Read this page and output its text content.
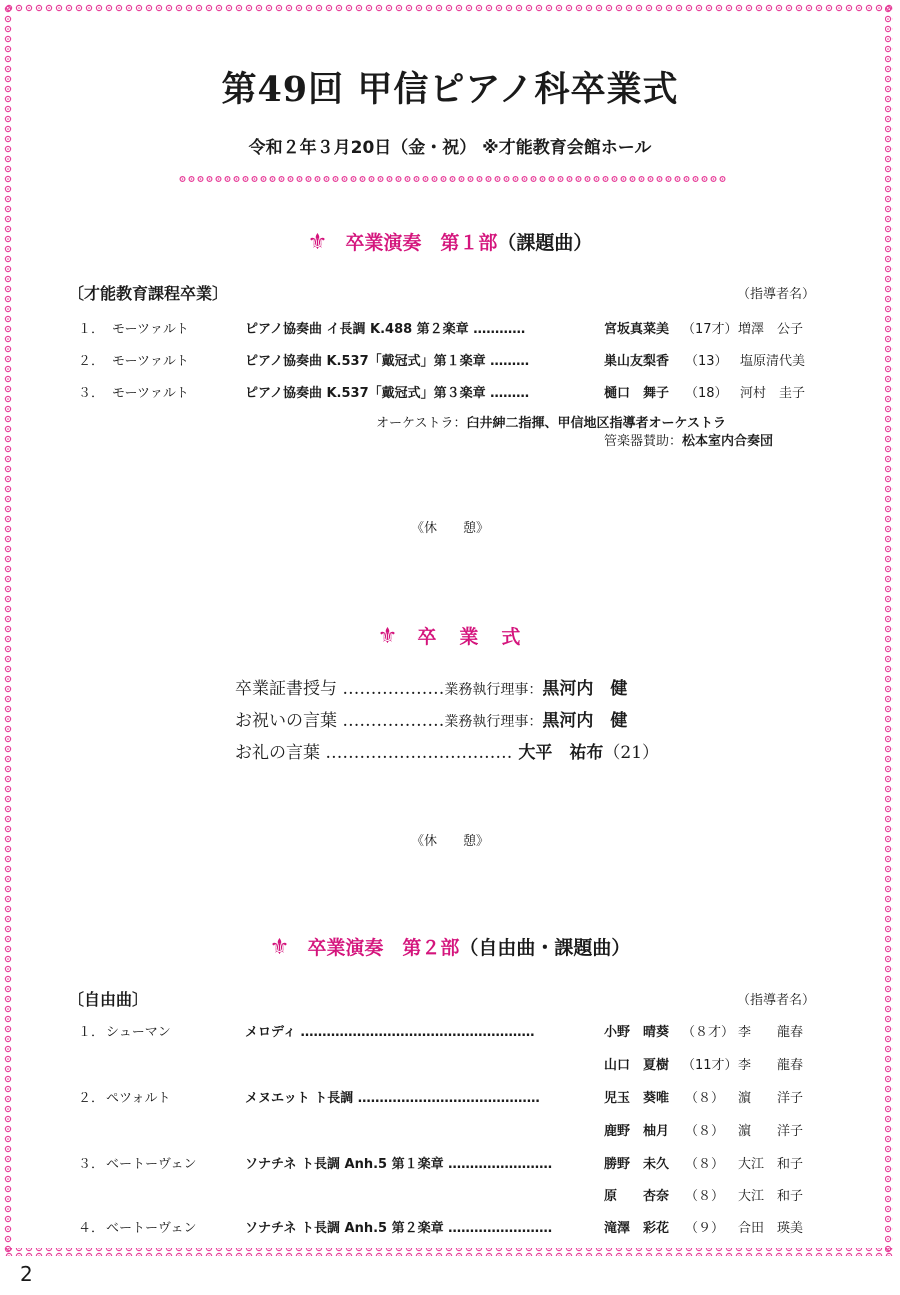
第49回 甲信ピアノ科卒業式
令和２年３月20日（金・祝） ※才能教育会館ホール
⚜ 卒業演奏　第１部（課題曲）
〔才能教育課程卒業〕	（指導者名）
１． モーツァルト	ピアノ協奏曲 イ長調 K.488 第２楽章 …………	宮坂真菜美 （17才） 増澤　公子
２． モーツァルト	ピアノ協奏曲 K.537「戴冠式」第１楽章 ………	巣山友梨香 （13） 塩原清代美
３． モーツァルト	ピアノ協奏曲 K.537「戴冠式」第３楽章 ………	樋口　舞子 （18） 河村　圭子
オーケストラ：臼井紳二指揮、甲信地区指導者オーケストラ
管楽器賛助：松本室内合奏団
《休　　憩》
⚜ 卒　業　式
卒業証書授与 ………………業務執行理事：黒河内　健
お祝いの言葉 ………………業務執行理事：黒河内　健
お礼の言葉 …………………………… 大平　祐布（21）
《休　　憩》
⚜ 卒業演奏　第２部（自由曲・課題曲）
〔自由曲〕	（指導者名）
１． シューマン	メロディ ………………………………………………	小野　晴葵 （８才） 李　　龍春
山口　夏樹 （11才） 李　　龍春
２． ペツォルト	メヌエット ト長調 ……………………………………	児玉　葵唯 （８） 濵　　洋子
鹿野　柚月 （８） 濵　　洋子
３． ベートーヴェン	ソナチネ ト長調 Anh.5 第１楽章 ……………………	勝野　未久 （８） 大江　和子
原　　杏奈 （８） 大江　和子
４． ベートーヴェン	ソナチネ ト長調 Anh.5 第２楽章 ……………………	滝澤　彩花 （９） 合田　瑛美
2
